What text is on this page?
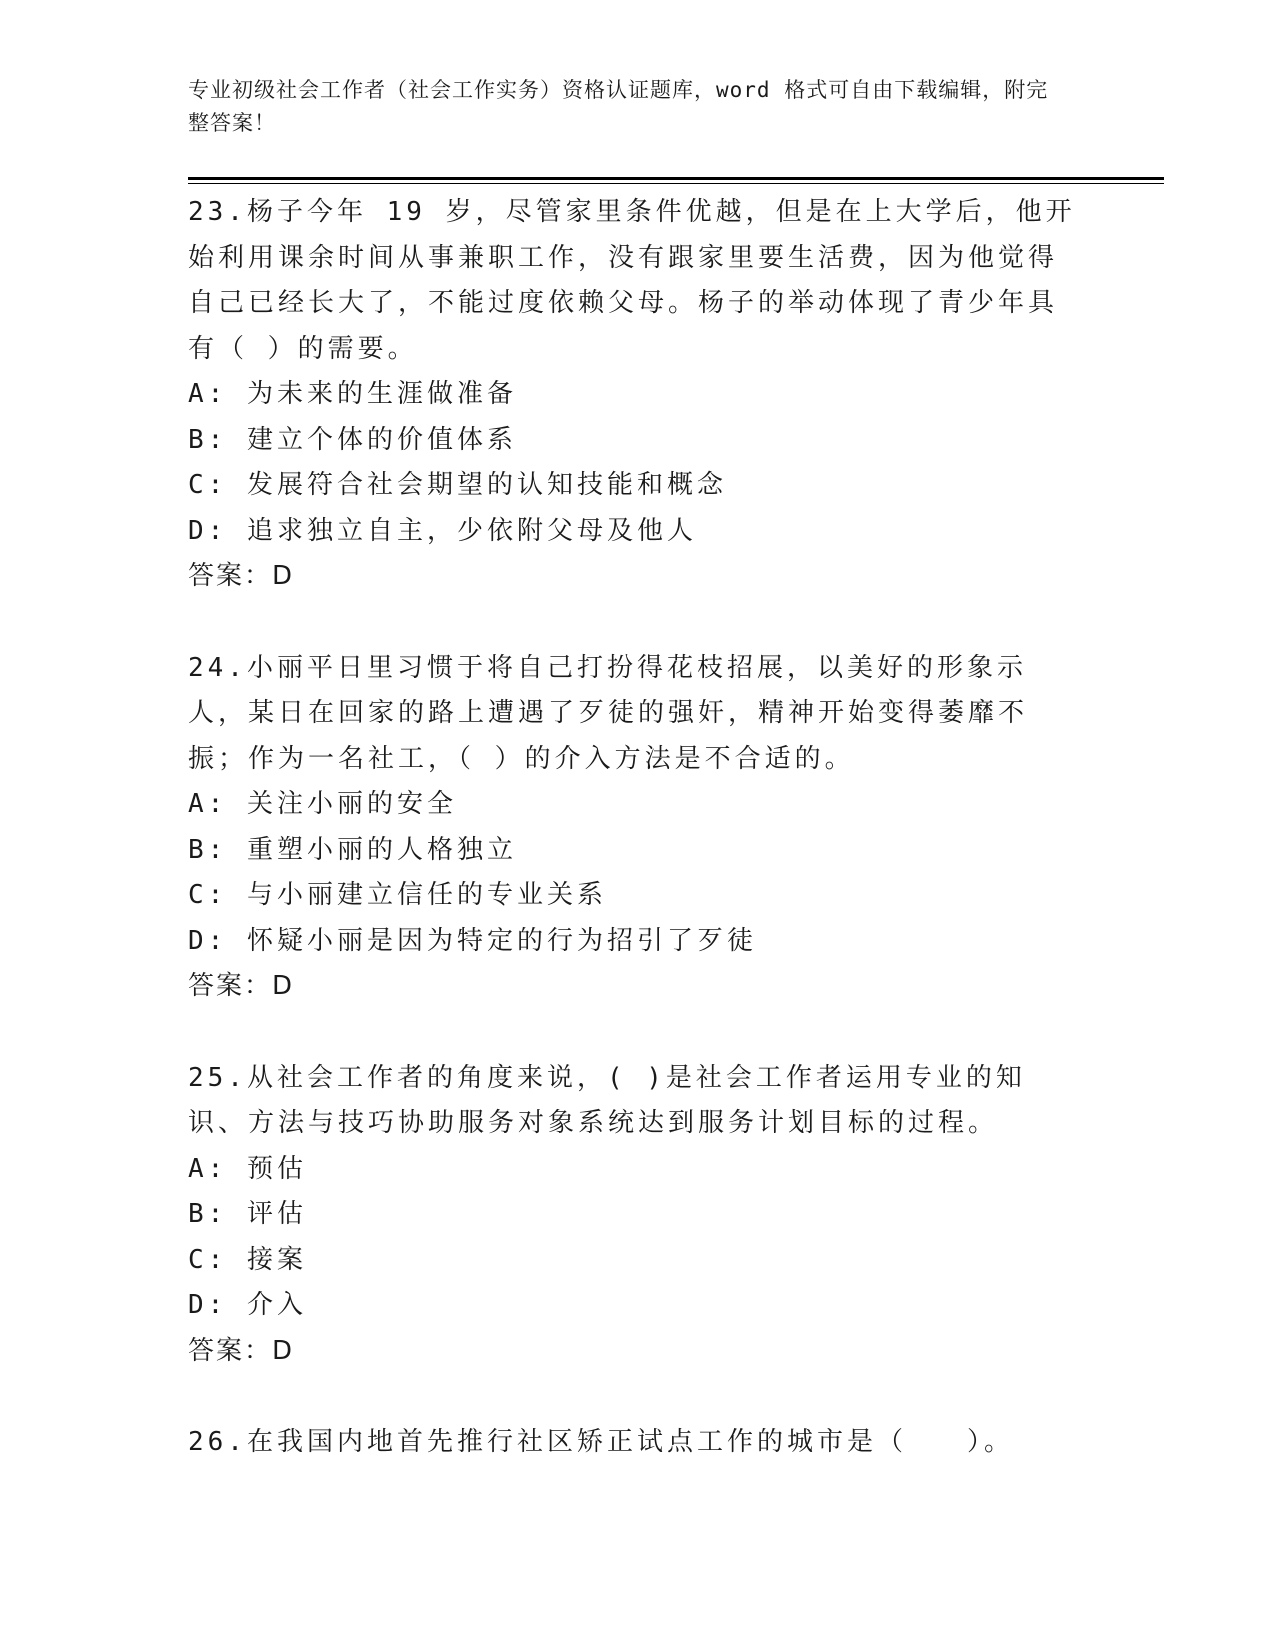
专业初级社会工作者（社会工作实务）资格认证题库，word 格式可自由下载编辑，附完整答案！
23.杨子今年 19 岁，尽管家里条件优越，但是在上大学后，他开始利用课余时间从事兼职工作，没有跟家里要生活费，因为他觉得自己已经长大了，不能过度依赖父母。杨子的举动体现了青少年具有（ ）的需要。
A: 为未来的生涯做准备
B: 建立个体的价值体系
C: 发展符合社会期望的认知技能和概念
D: 追求独立自主，少依附父母及他人
答案：D
24.小丽平日里习惯于将自己打扮得花枝招展，以美好的形象示人，某日在回家的路上遭遇了歹徒的强奸，精神开始变得萎靡不振；作为一名社工，（ ）的介入方法是不合适的。
A: 关注小丽的安全
B: 重塑小丽的人格独立
C: 与小丽建立信任的专业关系
D: 怀疑小丽是因为特定的行为招引了歹徒
答案：D
25.从社会工作者的角度来说，( )是社会工作者运用专业的知识、方法与技巧协助服务对象系统达到服务计划目标的过程。
A: 预估
B: 评估
C: 接案
D: 介入
答案：D
26.在我国内地首先推行社区矫正试点工作的城市是（　　）。
